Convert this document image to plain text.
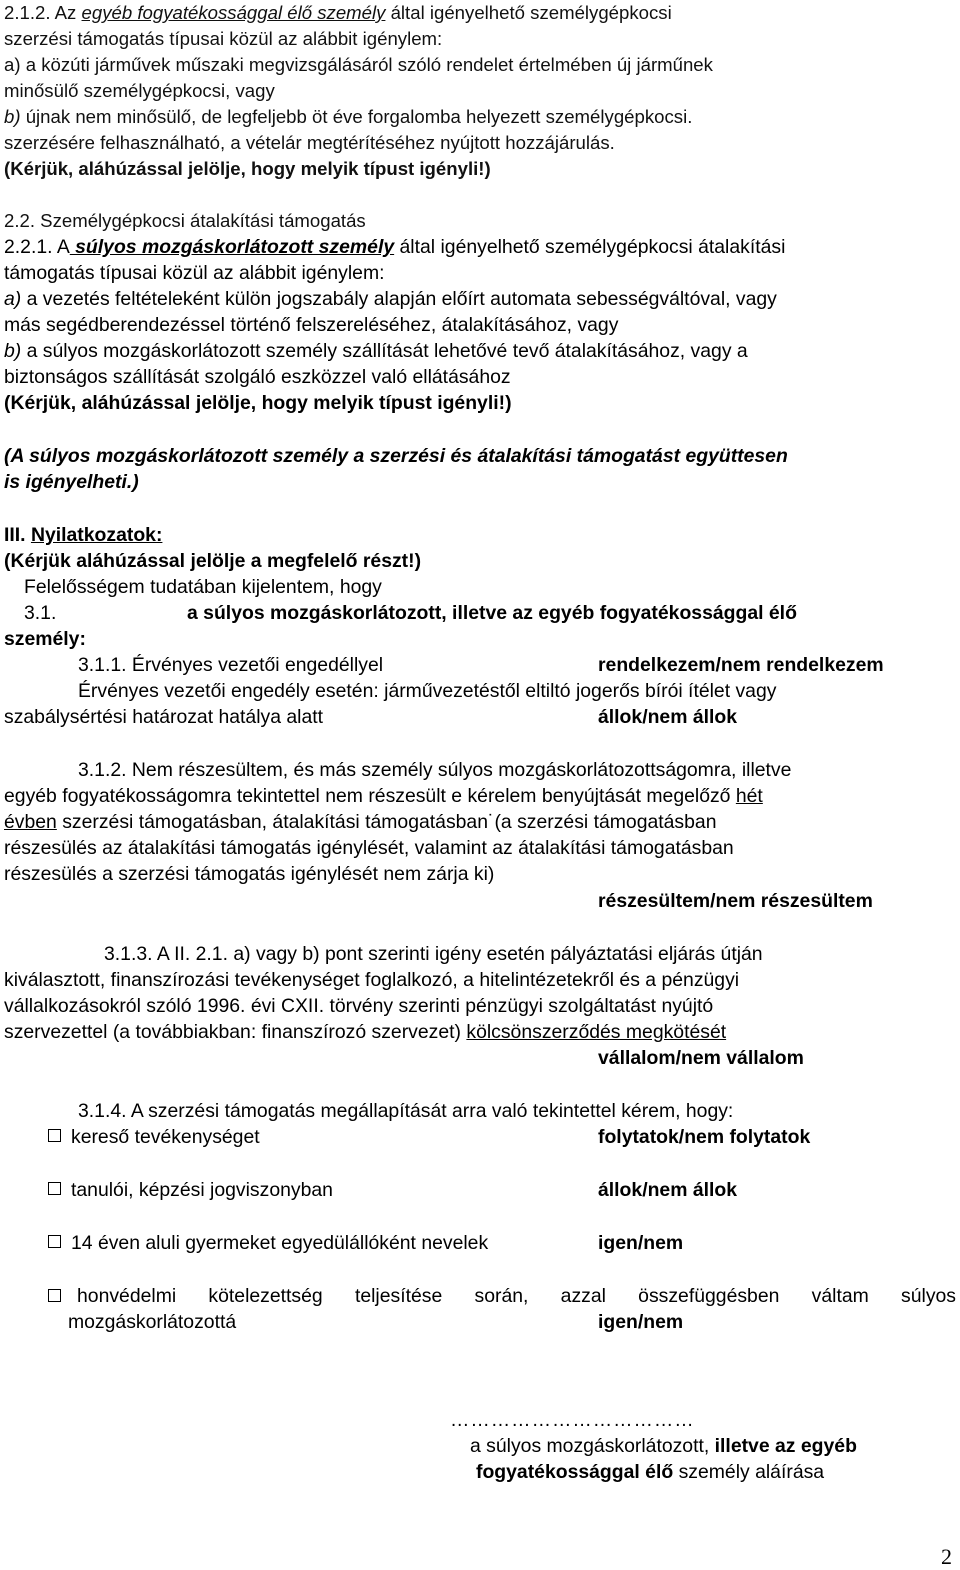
2.1.2. Az egyéb fogyatékossággal élő személy által igényelhető személygépkocsi
szerzési támogatás típusai közül az alábbit igénylem:
a) a közúti járművek műszaki megvizsgálásáról szóló rendelet értelmében új járműnek
minősülő személygépkocsi, vagy
b) újnak nem minősülő, de legfeljebb öt éve forgalomba helyezett személygépkocsi.
szerzésére felhasználható, a vételár megtérítéséhez nyújtott hozzájárulás.
(Kérjük, aláhúzással jelölje, hogy melyik típust igényli!)
2.2. Személygépkocsi átalakítási támogatás
2.2.1. A súlyos mozgáskorlátozott személy által igényelhető személygépkocsi átalakítási
támogatás típusai közül az alábbit igénylem:
a) a vezetés feltételeként külön jogszabály alapján előírt automata sebességváltóval, vagy
más segédberendezéssel történő felszereléséhez, átalakításához, vagy
b) a súlyos mozgáskorlátozott személy szállítását lehetővé tevő átalakításához, vagy a
biztonságos szállítását szolgáló eszközzel való ellátásához
(Kérjük, aláhúzással jelölje, hogy melyik típust igényli!)
(A súlyos mozgáskorlátozott személy a szerzési és átalakítási támogatást együttesen
is igényelheti.)
III. Nyilatkozatok:
(Kérjük aláhúzással jelölje a megfelelő részt!)
Felelősségem tudatában kijelentem, hogy
3.1.	a súlyos mozgáskorlátozott, illetve az egyéb fogyatékossággal élő
személy:
3.1.1. Érvényes vezetői engedéllyel	rendelkezem/nem rendelkezem
Érvényes vezetői engedély esetén: járművezetéstől eltiltó jogerős bírói ítélet vagy
szabálysértési határozat hatálya alatt	állok/nem állok
3.1.2. Nem részesültem, és más személy súlyos mozgáskorlátozottságomra, illetve
egyéb fogyatékosságomra tekintettel nem részesült e kérelem benyújtását megelőző hét
évben szerzési támogatásban, átalakítási támogatásban˙(a szerzési támogatásban
részesülés az átalakítási támogatás igénylését, valamint az átalakítási támogatásban
részesülés a szerzési támogatás igénylését nem zárja ki)
részesültem/nem részesültem
3.1.3. A II. 2.1. a) vagy b) pont szerinti igény esetén pályáztatási eljárás útján
kiválasztott, finanszírozási tevékenységet foglalkozó, a hitelintézetekről és a pénzügyi
vállalkozásokról szóló 1996. évi CXII. törvény szerinti pénzügyi szolgáltatást nyújtó
szervezettel (a továbbiakban: finanszírozó szervezet) kölcsönszerződés megkötését
vállalom/nem vállalom
3.1.4. A szerzési támogatás megállapítását arra való tekintettel kérem, hogy:
kereső tevékenységet	folytatok/nem folytatok
tanulói, képzési jogviszonyban	állok/nem állok
14 éven aluli gyermeket egyedülállóként nevelek	igen/nem
honvédelmi kötelezettség teljesítése során, azzal összefüggésben váltam súlyos
mozgáskorlátozottá	igen/nem
………………………………
a súlyos mozgáskorlátozott, illetve az egyéb
fogyatékossággal élő személy aláírása
2
